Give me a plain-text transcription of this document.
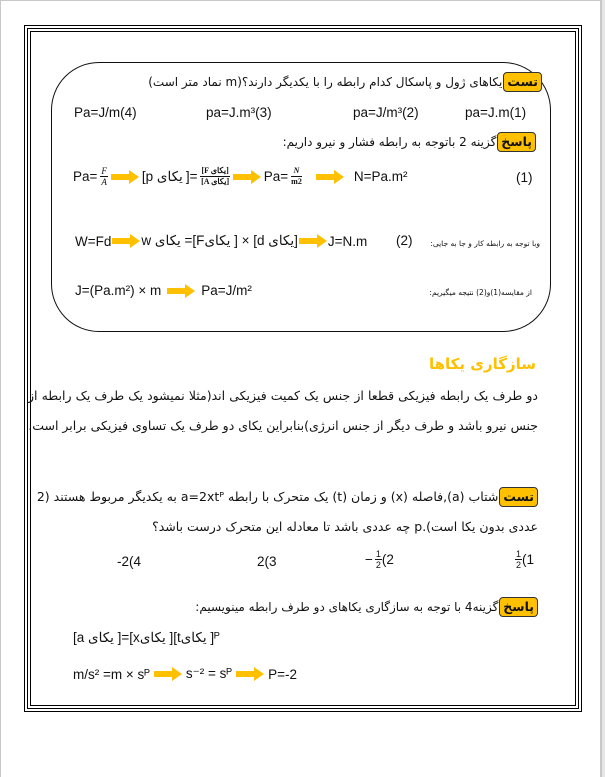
تستیکاهای ژول و پاسکال کدام رابطه را با یکدیگر دارند؟(m نماد متر است)
pa=J.m(1)
pa=J/m³(2)
pa=J.m³(3)
Pa=J/m(4)
پاسخگزینه 2 باتوجه به رابطه فشار و نیرو داریم:
$Pa= \frac{F}{A}$	[p یکای ]= $\frac{\text{[F یکای]}}{\text{[A یکای]}}$	$Pa= \frac{N}{m2}$	N=Pa.m²	(1)
W=Fd w یکای =[Fیکای ] × [d یکای] J=N.m (2) وبا توجه به رابطه کار و جا به جایی:
J=(Pa.m²) × m	Pa=J/m²	از مقایسه(1)و(2) نتیجه میگیریم:
سازگاری یکاها
دو طرف یک رابطه فیزیکی قطعا از جنس یک کمیت فیزیکی اند(مثلا نمیشود یک طرف یک رابطه از جنس نیرو باشد و طرف دیگر از جنس انرژی)بنابراین یکای دو طرف یک تساوی فیزیکی برابر است.
تستشتاب (a),فاصله (x) و زمان (t) یک متحرک با رابطه a=2xtᴾ به یکدیگر مربوط هستند (2 عددی بدون یکا است).p چه عددی باشد تا معادله این متحرک درست باشد؟
$\frac{1}{2} (1$
− $\frac{1}{2} (2$
2(3
-2(4
پاسخگزینه4 با توجه به سازگاری یکاهای دو طرف رابطه مینویسیم:
[a یکای ]=[xیکای ][tیکای ]ᴾ
m/s² =m × sᴾ	s⁻² = sᴾ	P=-2
